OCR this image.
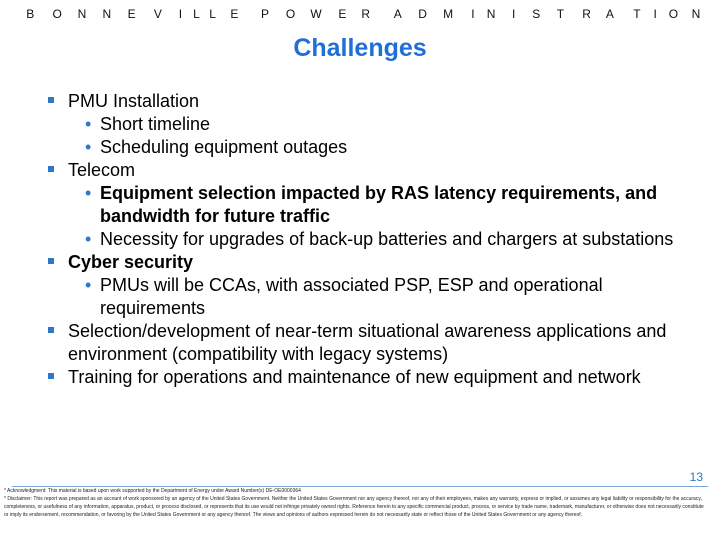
B O N N E V I L L E P O W E R A D M I N I S T R A T I O N
Challenges
PMU Installation
• Short timeline
• Scheduling equipment outages
Telecom
• Equipment selection impacted by RAS latency requirements, and bandwidth for future traffic
• Necessity for upgrades of back-up batteries and chargers at substations
Cyber security
• PMUs will be CCAs, with associated PSP, ESP and operational requirements
Selection/development of near-term situational awareness applications and environment (compatibility with legacy systems)
Training for operations and maintenance of new equipment and network
13
* Acknowledgment: This material is based upon work supported by the Department of Energy under Award Number(s) DE-OE0000364
* Disclaimer: This report was prepared as an account of work sponsored by an agency of the United States Government. Neither the United States Government nor any agency thereof, nor any of their employees, makes any warranty, express or implied, or assumes any legal liability or responsibility for the accuracy, completeness, or usefulness of any information, apparatus, product, or process disclosed, or represents that its use would not infringe privately owned rights. Reference herein to any specific commercial product, process, or service by trade name, trademark, manufacturer, or otherwise does not necessarily constitute or imply its endorsement, recommendation, or favoring by the United States Government or any agency thereof. The views and opinions of authors expressed herein do not necessarily state or reflect those of the United States Government or any agency thereof.
